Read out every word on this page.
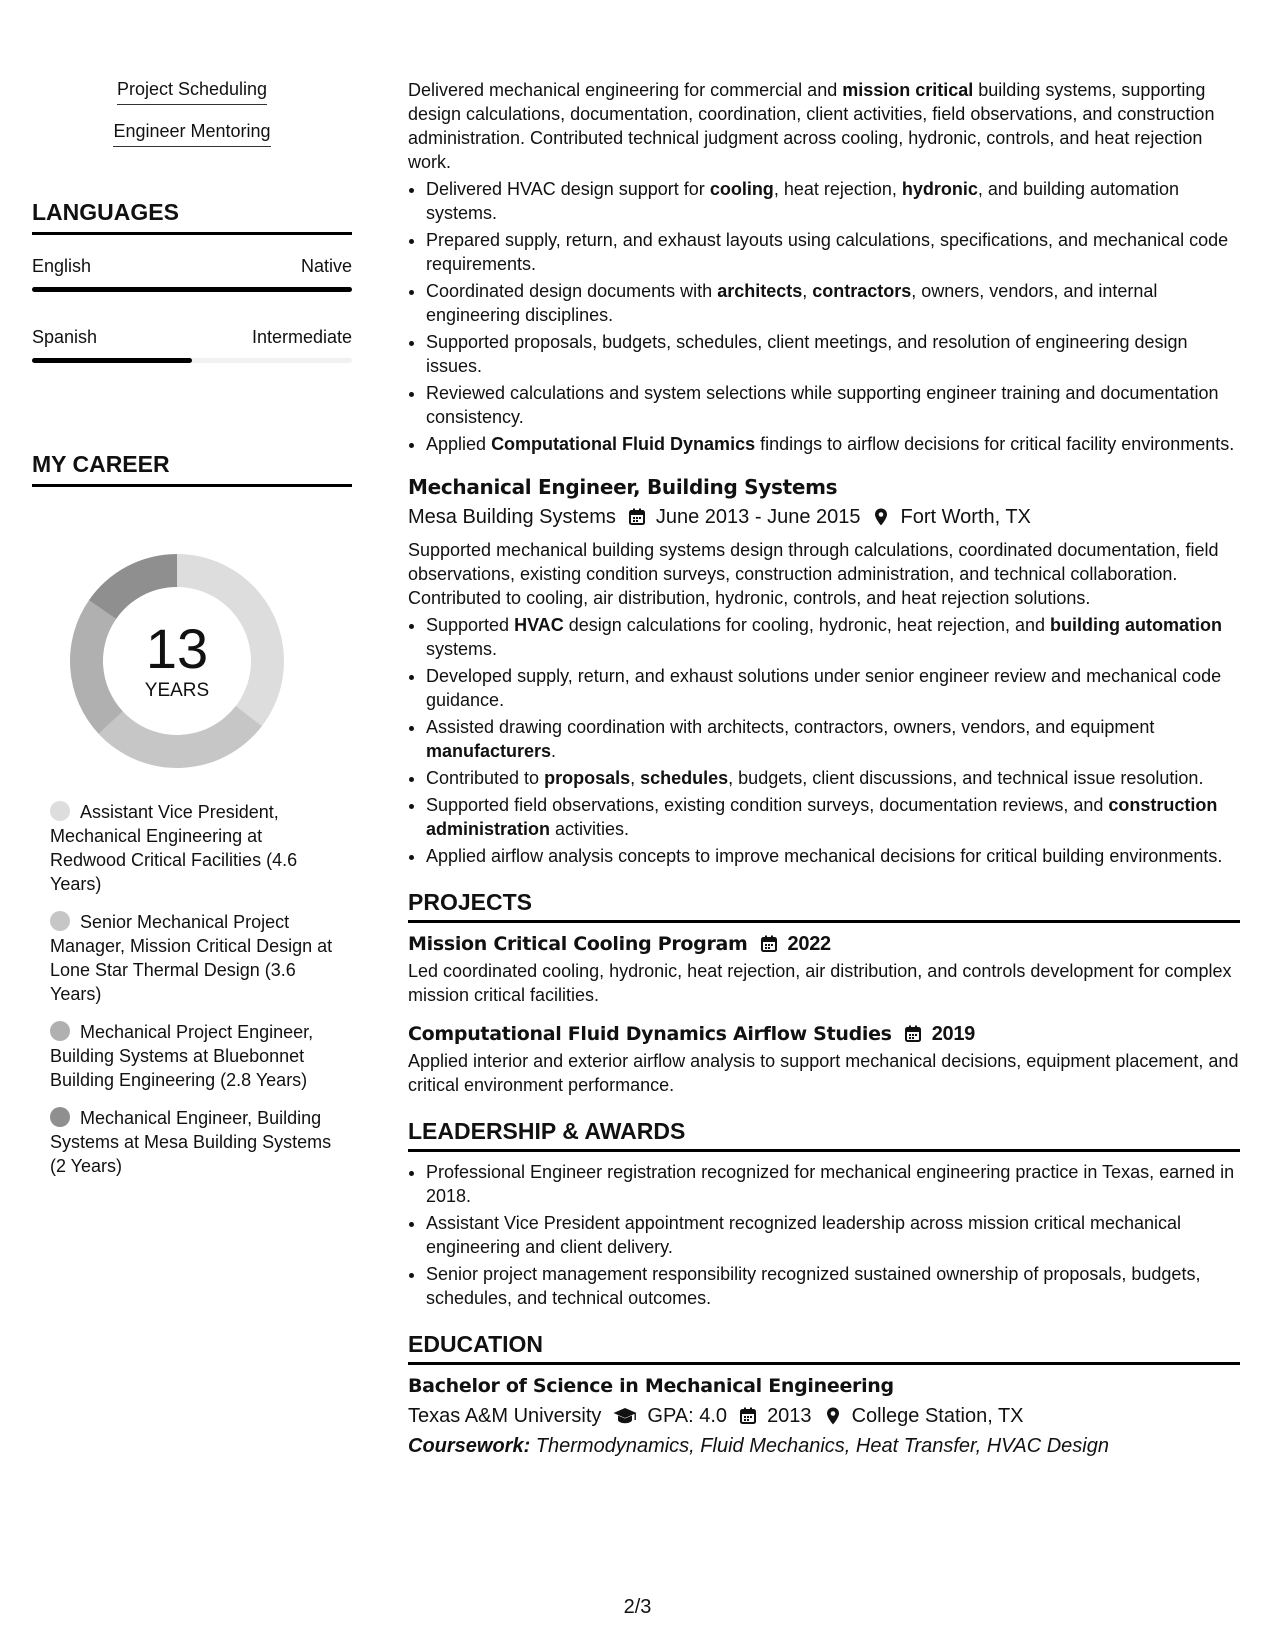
Project Scheduling
Engineer Mentoring
LANGUAGES
English	Native
Spanish	Intermediate
MY CAREER
13
YEARS
Assistant Vice President, Mechanical Engineering at Redwood Critical Facilities (4.6 Years)
Senior Mechanical Project Manager, Mission Critical Design at Lone Star Thermal Design (3.6 Years)
Mechanical Project Engineer, Building Systems at Bluebonnet Building Engineering (2.8 Years)
Mechanical Engineer, Building Systems at Mesa Building Systems (2 Years)

Delivered mechanical engineering for commercial and mission critical building systems, supporting design calculations, documentation, coordination, client activities, field observations, and construction administration. Contributed technical judgment across cooling, hydronic, controls, and heat rejection work.

• Delivered HVAC design support for cooling, heat rejection, hydronic, and building automation systems.
• Prepared supply, return, and exhaust layouts using calculations, specifications, and mechanical code requirements.
• Coordinated design documents with architects, contractors, owners, vendors, and internal engineering disciplines.
• Supported proposals, budgets, schedules, client meetings, and resolution of engineering design issues.
• Reviewed calculations and system selections while supporting engineer training and documentation consistency.
• Applied Computational Fluid Dynamics findings to airflow decisions for critical facility environments.
Mechanical Engineer, Building Systems
Mesa Building Systems June 2013 - June 2015 Fort Worth, TX

Supported mechanical building systems design through calculations, coordinated documentation, field observations, existing condition surveys, construction administration, and technical collaboration. Contributed to cooling, air distribution, hydronic, controls, and heat rejection solutions.

• Supported HVAC design calculations for cooling, hydronic, heat rejection, and building automation systems.
• Developed supply, return, and exhaust solutions under senior engineer review and mechanical code guidance.
• Assisted drawing coordination with architects, contractors, owners, vendors, and equipment manufacturers.
• Contributed to proposals, schedules, budgets, client discussions, and technical issue resolution.
• Supported field observations, existing condition surveys, documentation reviews, and construction administration activities.
• Applied airflow analysis concepts to improve mechanical decisions for critical building environments.
PROJECTS
Mission Critical Cooling Program 2022

Led coordinated cooling, hydronic, heat rejection, air distribution, and controls development for complex mission critical facilities.

Computational Fluid Dynamics Airflow Studies 2019

Applied interior and exterior airflow analysis to support mechanical decisions, equipment placement, and critical environment performance.

LEADERSHIP & AWARDS
• Professional Engineer registration recognized for mechanical engineering practice in Texas, earned in 2018.
• Assistant Vice President appointment recognized leadership across mission critical mechanical engineering and client delivery.
• Senior project management responsibility recognized sustained ownership of proposals, budgets, schedules, and technical outcomes.
EDUCATION
Bachelor of Science in Mechanical Engineering
Texas A&M University GPA: 4.0 2013 College Station, TX
Coursework: Thermodynamics, Fluid Mechanics, Heat Transfer, HVAC Design
2/3
